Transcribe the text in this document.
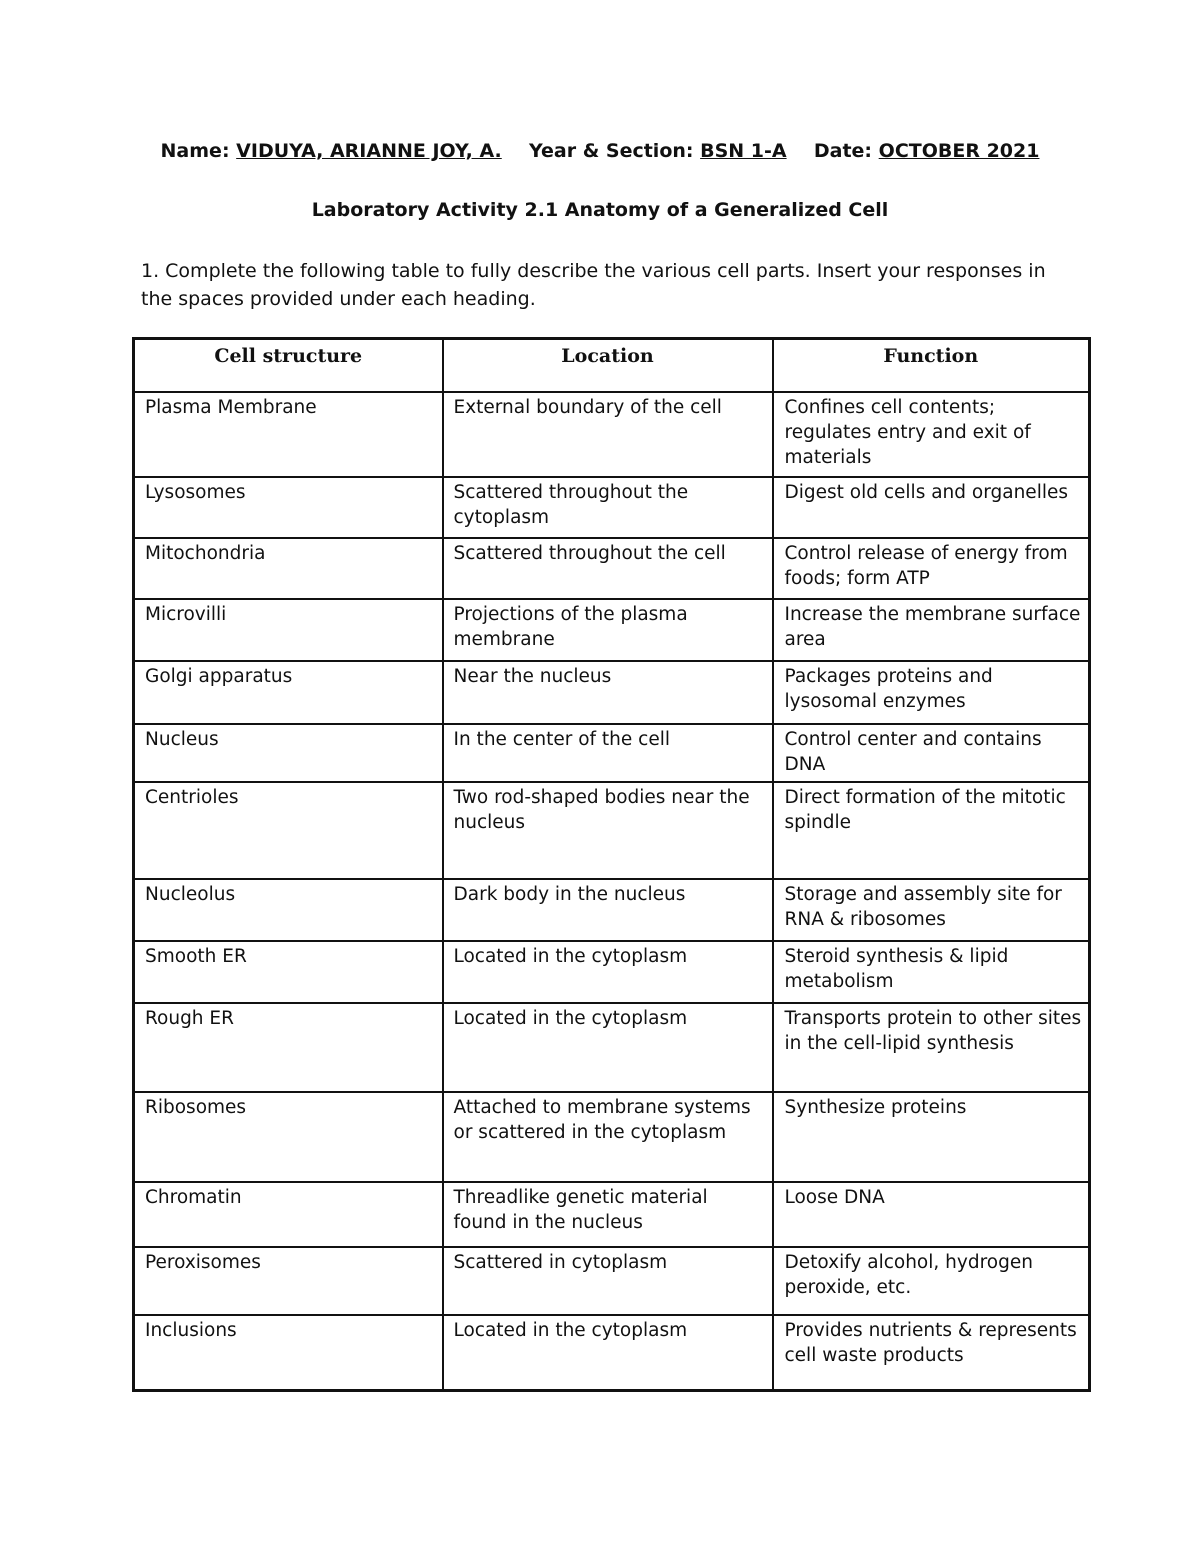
Name: VIDUYA, ARIANNE JOY, A. Year & Section: BSN 1-A Date: OCTOBER 2021
Laboratory Activity 2.1 Anatomy of a Generalized Cell
1. Complete the following table to fully describe the various cell parts. Insert your responses in the spaces provided under each heading.
Cell structure	Location	Function
Plasma Membrane	External boundary of the cell	Confines cell contents; regulates entry and exit of materials
Lysosomes	Scattered throughout the cytoplasm	Digest old cells and organelles
Mitochondria	Scattered throughout the cell	Control release of energy from foods; form ATP
Microvilli	Projections of the plasma membrane	Increase the membrane surface area
Golgi apparatus	Near the nucleus	Packages proteins and lysosomal enzymes
Nucleus	In the center of the cell	Control center and contains DNA
Centrioles	Two rod-shaped bodies near the nucleus	Direct formation of the mitotic spindle
Nucleolus	Dark body in the nucleus	Storage and assembly site for RNA & ribosomes
Smooth ER	Located in the cytoplasm	Steroid synthesis & lipid metabolism
Rough ER	Located in the cytoplasm	Transports protein to other sites in the cell-lipid synthesis
Ribosomes	Attached to membrane systems or scattered in the cytoplasm	Synthesize proteins
Chromatin	Threadlike genetic material found in the nucleus	Loose DNA
Peroxisomes	Scattered in cytoplasm	Detoxify alcohol, hydrogen peroxide, etc.
Inclusions	Located in the cytoplasm	Provides nutrients & represents cell waste products
